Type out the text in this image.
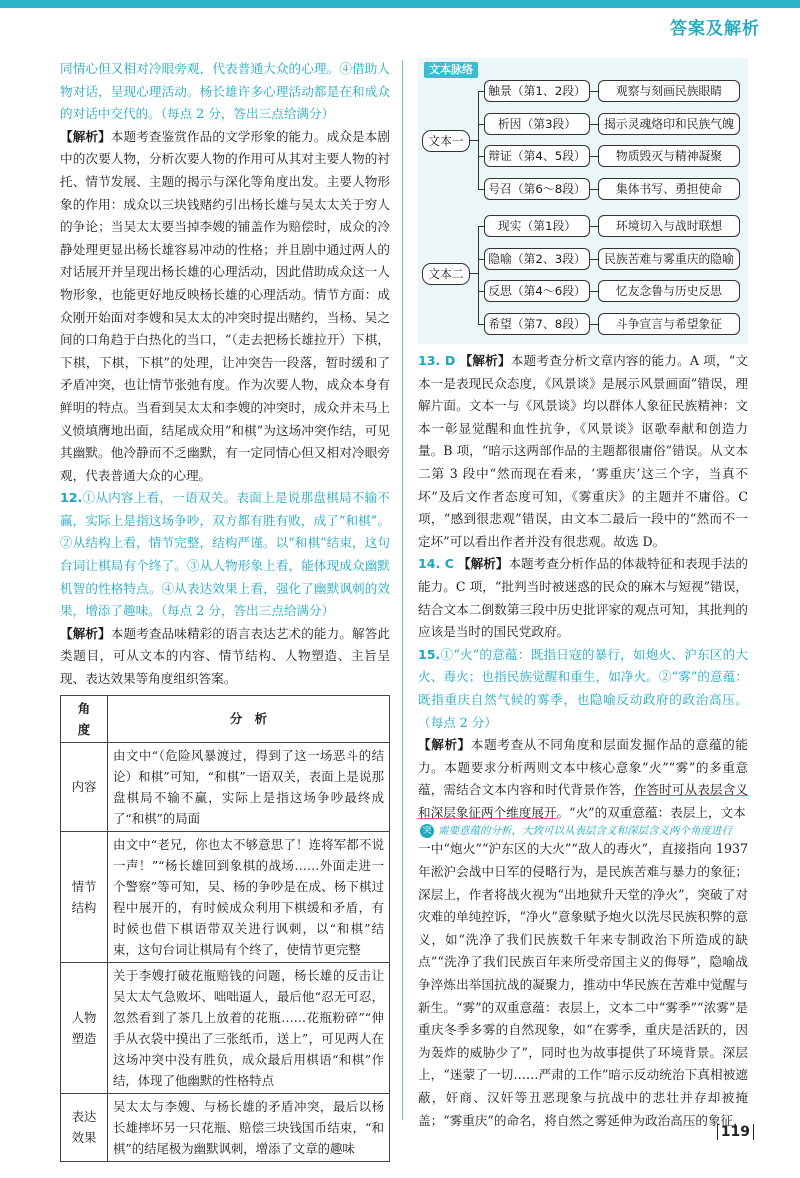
答案及解析

同情心但又相对冷眼旁观，代表普通大众的心理。④借助人物对话，呈现心理活动。杨长雄许多心理活动都是在和成众的对话中交代的。（每点 2 分，答出三点给满分）

【解析】本题考查鉴赏作品的文学形象的能力。成众是本剧中的次要人物，分析次要人物的作用可从其对主要人物的衬托、情节发展、主题的揭示与深化等角度出发。主要人物形象的作用：成众以三块钱赌约引出杨长雄与吴太太关于穷人的争论；当吴太太要当掉李嫂的铺盖作为赔偿时，成众的冷静处理更显出杨长雄容易冲动的性格；并且剧中通过两人的对话展开并呈现出杨长雄的心理活动，因此借助成众这一人物形象，也能更好地反映杨长雄的心理活动。情节方面：成众刚开始面对李嫂和吴太太的冲突时提出赌约，当杨、吴之间的口角趋于白热化的当口，“（走去把杨长雄拉开）下棋，下棋，下棋，下棋”的处理，让冲突告一段落，暂时缓和了矛盾冲突，也让情节张弛有度。作为次要人物，成众本身有鲜明的特点。当看到吴太太和李嫂的冲突时，成众并未马上义愤填膺地出面，结尾成众用“和棋”为这场冲突作结，可见其幽默。他冷静而不乏幽默，有一定同情心但又相对冷眼旁观，代表普通大众的心理。

12.①从内容上看，一语双关。表面上是说那盘棋局不输不赢，实际上是指这场争吵，双方都有胜有败，成了“和棋”。②从结构上看，情节完整，结构严谨。以“和棋”结束，这句台词让棋局有个终了。③从人物形象上看，能体现成众幽默机智的性格特点。④从表达效果上看，强化了幽默讽刺的效果，增添了趣味。（每点 2 分，答出三点给满分）

【解析】本题考查品味精彩的语言表达艺术的能力。解答此类题目，可从文本的内容、情节结构、人物塑造、主旨呈现、表达效果等角度组织答案。

角　度	分　析
内容	由文中“（危险风暴渡过，得到了这一场恶斗的结论）和棋”可知，“和棋”一语双关，表面上是说那盘棋局不输不赢，实际上是指这场争吵最终成了“和棋”的局面
情节结构	由文中“老兄，你也太不够意思了！连将军都不说一声！”“杨长雄回到象棋的战场……外面走进一个警察”等可知，吴、杨的争吵是在成、杨下棋过程中展开的，有时候成众利用下棋缓和矛盾，有时候也借下棋语带双关进行讽刺，以“和棋”结束，这句台词让棋局有个终了，使情节更完整
人物塑造	关于李嫂打破花瓶赔钱的问题，杨长雄的反击让吴太太气急败坏、咄咄逼人，最后他“忍无可忍，忽然看到了茶几上放着的花瓶……花瓶粉碎”“伸手从衣袋中摸出了三张纸币，送上”，可见两人在这场冲突中没有胜负，成众最后用棋语“和棋”作结，体现了他幽默的性格特点
表达效果	吴太太与李嫂、与杨长雄的矛盾冲突，最后以杨长雄摔坏另一只花瓶、赔偿三块钱国币结束，“和棋”的结尾极为幽默讽刺，增添了文章的趣味
文本脉络
文本一
触景（第1、2段）
析因（第3段）
辩证（第4、5段）
号召（第6～8段）
观察与刻画民族眼睛
揭示灵魂烙印和民族气魄
物质毁灭与精神凝聚
集体书写、勇担使命
文本二
现实（第1段）
隐喻（第2、3段）
反思（第4～6段）
希望（第7、8段）
环境切入与战时联想
民族苦难与雾重庆的隐喻
忆友念鲁与历史反思
斗争宣言与希望象征

13. D 【解析】本题考查分析文章内容的能力。A 项，“文本一是表现民众态度，《风景谈》是展示风景画面”错误，理解片面。文本一与《风景谈》均以群体人象征民族精神：文本一彰显觉醒和血性抗争，《风景谈》讴歌奉献和创造力量。B 项，“暗示这两部作品的主题都很庸俗”错误。从文本二第 3 段中“然而现在看来，‘雾重庆’这三个字，当真不坏”及后文作者态度可知，《雾重庆》的主题并不庸俗。C 项，“感到很悲观”错误，由文本二最后一段中的“然而不一定坏”可以看出作者并没有很悲观。故选 D。

14. C 【解析】本题考查分析作品的体裁特征和表现手法的能力。C 项，“批判当时被迷惑的民众的麻木与短视”错误，结合文本二倒数第三段中历史批评家的观点可知，其批判的应该是当时的国民党政府。

15.①“火”的意蕴：既指日寇的暴行，如炮火、沪东区的大火、毒火；也指民族觉醒和重生，如净火。②“雾”的意蕴：既指重庆自然气候的雾季，也隐喻反动政府的政治高压。（每点 2 分）

【解析】本题考查从不同角度和层面发掘作品的意蕴的能力。本题要求分析两则文本中核心意象“火”“雾”的多重意蕴，需结合文本内容和时代背景作答，作答时可从表层含义和深层象征两个维度展开。“火”的双重意蕴：表层上，文本

突 需要意蕴的分析，大致可以从表层含义和深层含义两个角度进行

一中“炮火”“沪东区的大火”“敌人的毒火”，直接指向 1937 年淞沪会战中日军的侵略行为，是民族苦难与暴力的象征；深层上，作者将战火视为“出地狱升天堂的净火”，突破了对灾难的单纯控诉，“净火”意象赋予炮火以洗尽民族积弊的意义，如“洗净了我们民族数千年来专制政治下所造成的缺点”“洗净了我们民族百年来所受帝国主义的侮辱”，隐喻战争淬炼出举国抗战的凝聚力，推动中华民族在苦难中觉醒与新生。“雾”的双重意蕴：表层上，文本二中“雾季”“浓雾”是重庆冬季多雾的自然现象，如“在雾季，重庆是活跃的，因为轰炸的威胁少了”，同时也为故事提供了环境背景。深层上，“迷蒙了一切……严肃的工作”暗示反动统治下真相被遮蔽，奸商、汉奸等丑恶现象与抗战中的悲壮并存却被掩盖；“雾重庆”的命名，将自然之雾延伸为政治高压的象征，

119
